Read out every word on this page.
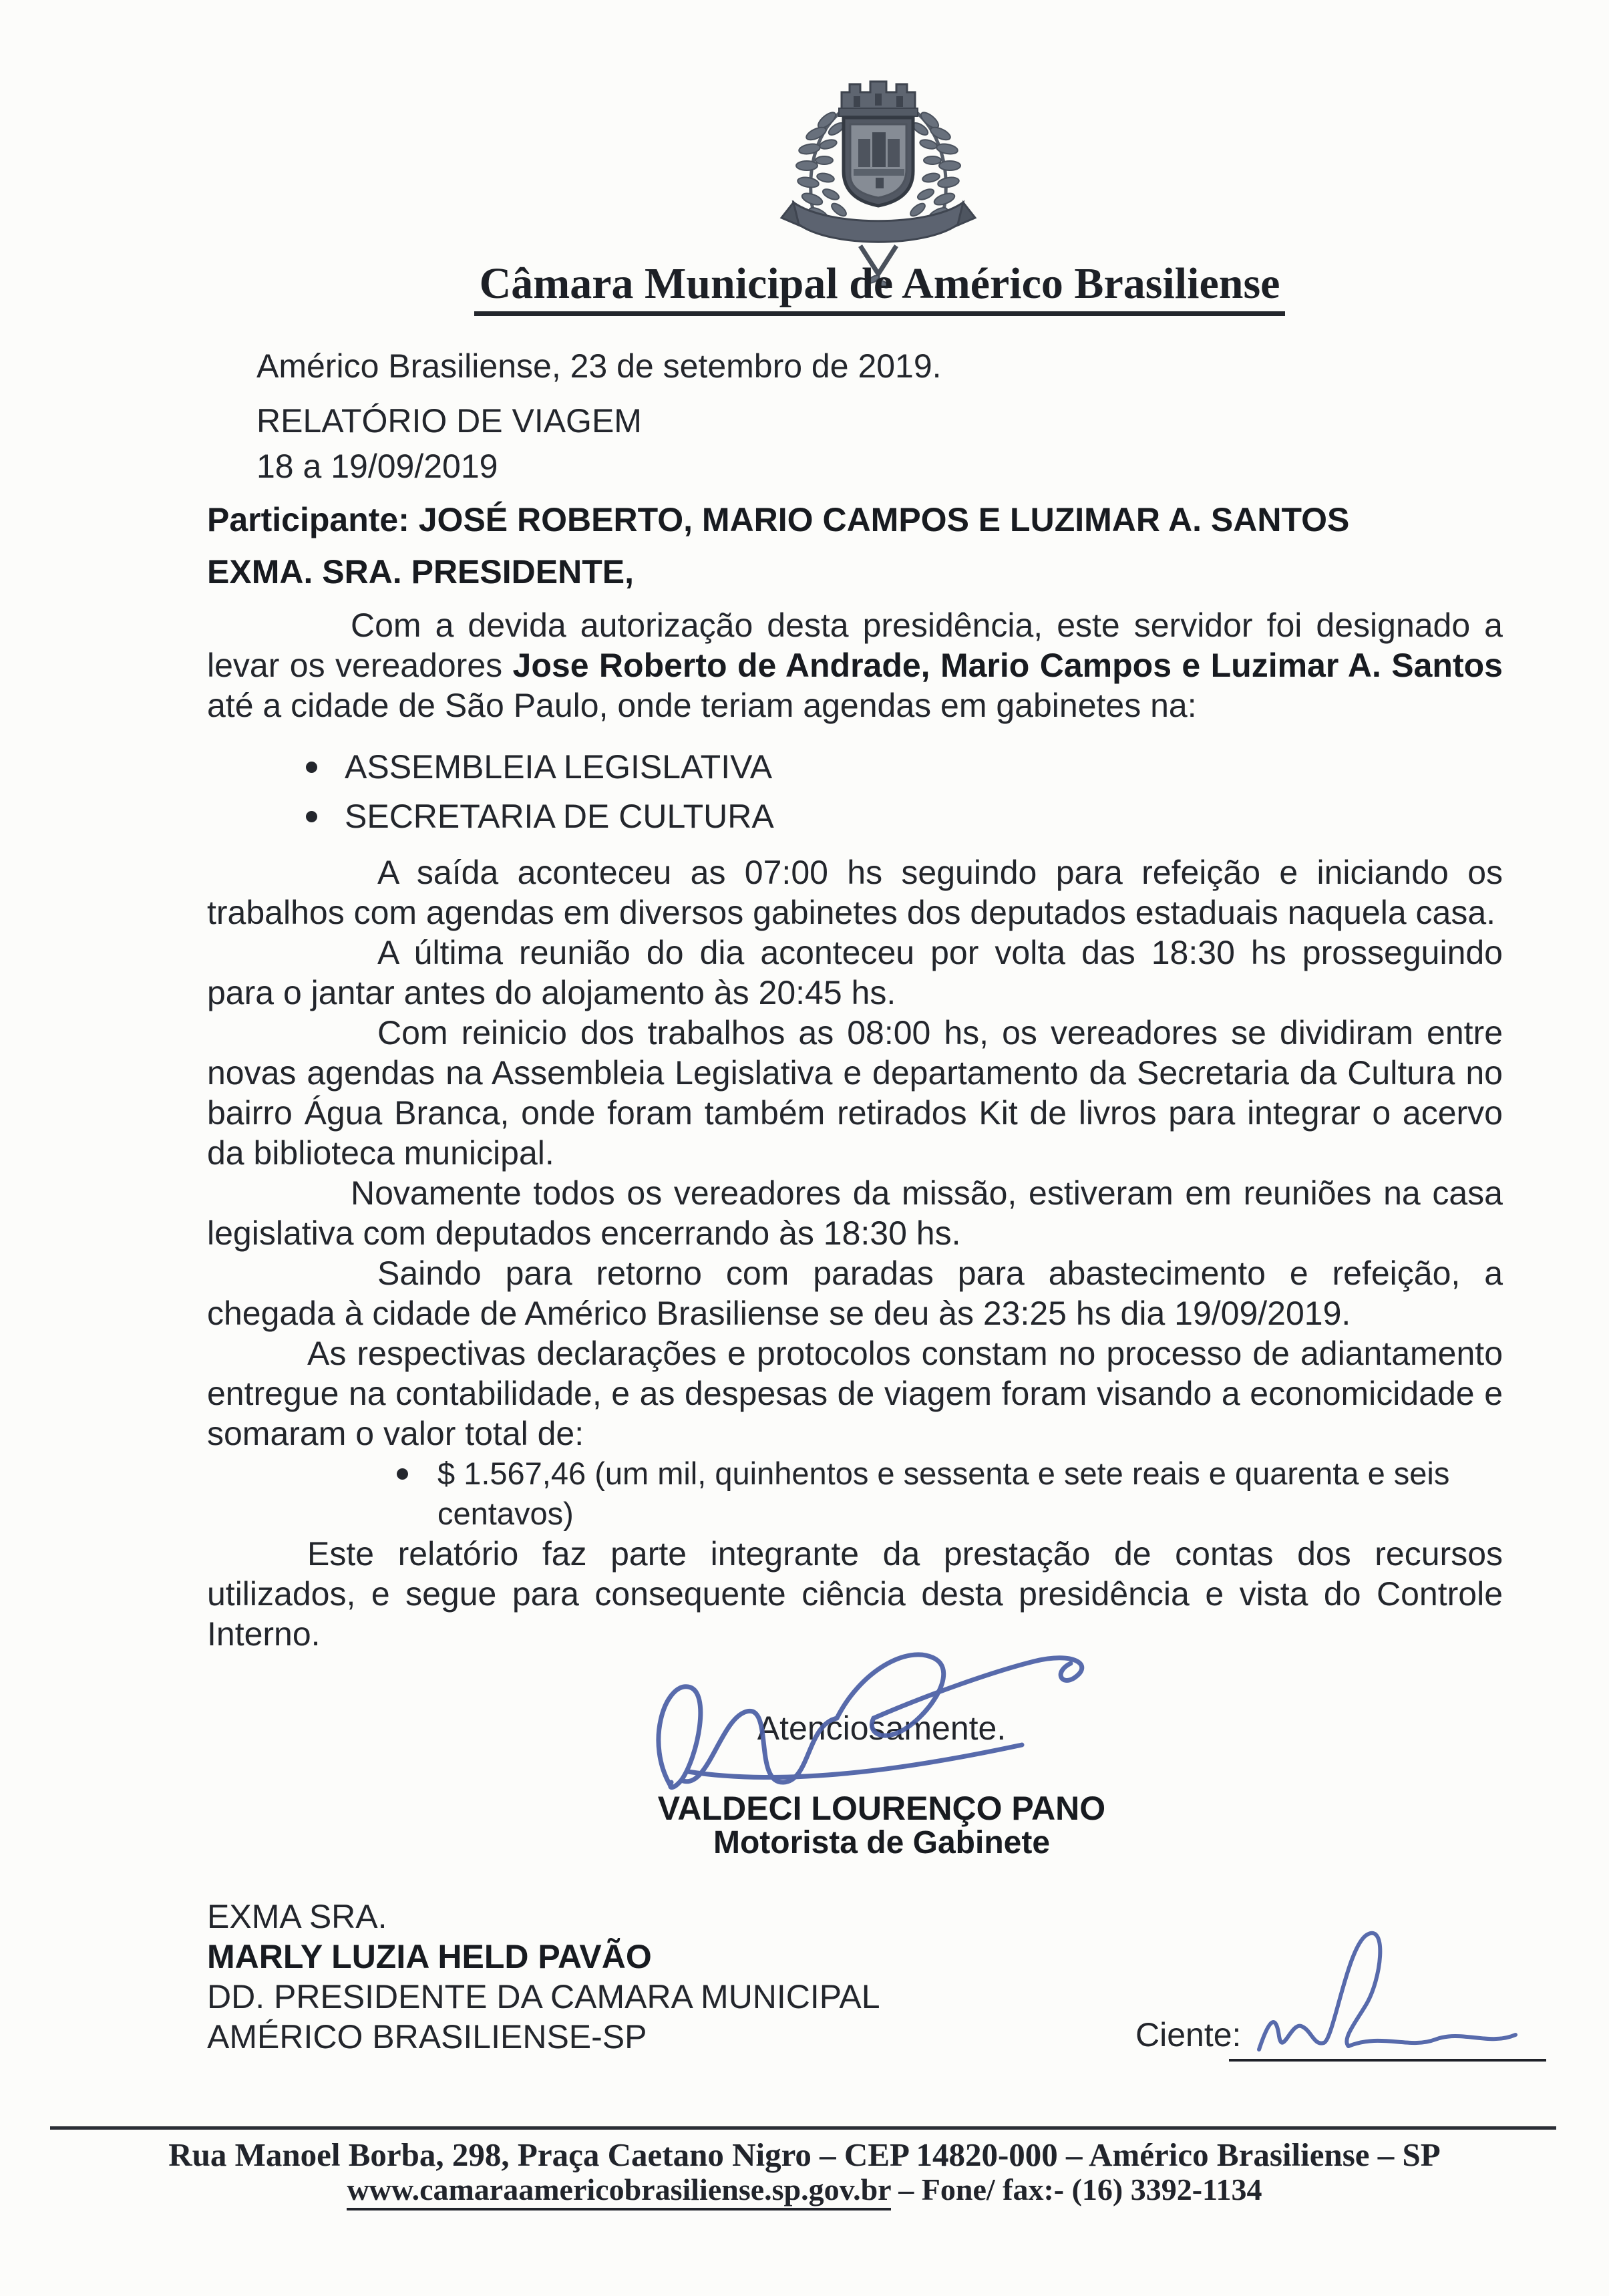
Câmara Municipal de Américo Brasiliense

Américo Brasiliense, 23 de setembro de 2019.

RELATÓRIO DE VIAGEM

18 a 19/09/2019

Participante: JOSÉ ROBERTO, MARIO CAMPOS E LUZIMAR A. SANTOS

EXMA. SRA. PRESIDENTE,

Com a devida autorização desta presidência, este servidor foi designado a levar os vereadores Jose Roberto de Andrade, Mario Campos e Luzimar A. Santos até a cidade de São Paulo, onde teriam agendas em gabinetes na:

ASSEMBLEIA LEGISLATIVA
SECRETARIA DE CULTURA

A saída aconteceu as 07:00 hs seguindo para refeição e iniciando os trabalhos com agendas em diversos gabinetes dos deputados estaduais naquela casa.

A última reunião do dia aconteceu por volta das 18:30 hs prosseguindo para o jantar antes do alojamento às 20:45 hs.

Com reinicio dos trabalhos as 08:00 hs, os vereadores se dividiram entre novas agendas na Assembleia Legislativa e departamento da Secretaria da Cultura no bairro Água Branca, onde foram também retirados Kit de livros para integrar o acervo da biblioteca municipal.

Novamente todos os vereadores da missão, estiveram em reuniões na casa legislativa com deputados encerrando às 18:30 hs.

Saindo para retorno com paradas para abastecimento e refeição, a chegada à cidade de Américo Brasiliense se deu às 23:25 hs dia 19/09/2019.

As respectivas declarações e protocolos constam no processo de adiantamento entregue na contabilidade, e as despesas de viagem foram visando a economicidade e somaram o valor total de:

$ 1.567,46 (um mil, quinhentos e sessenta e sete reais e quarenta e seis centavos)

Este relatório faz parte integrante da prestação de contas dos recursos utilizados, e segue para consequente ciência desta presidência e vista do Controle Interno.

Atenciosamente.
VALDECI LOURENÇO PANO
Motorista de Gabinete
EXMA SRA.
MARLY LUZIA HELD PAVÃO
DD. PRESIDENTE DA CAMARA MUNICIPAL
AMÉRICO BRASILIENSE-SP	Ciente:
Rua Manoel Borba, 298, Praça Caetano Nigro – CEP 14820-000 – Américo Brasiliense – SP
www.camaraamericobrasiliense.sp.gov.br – Fone/ fax:- (16) 3392-1134
